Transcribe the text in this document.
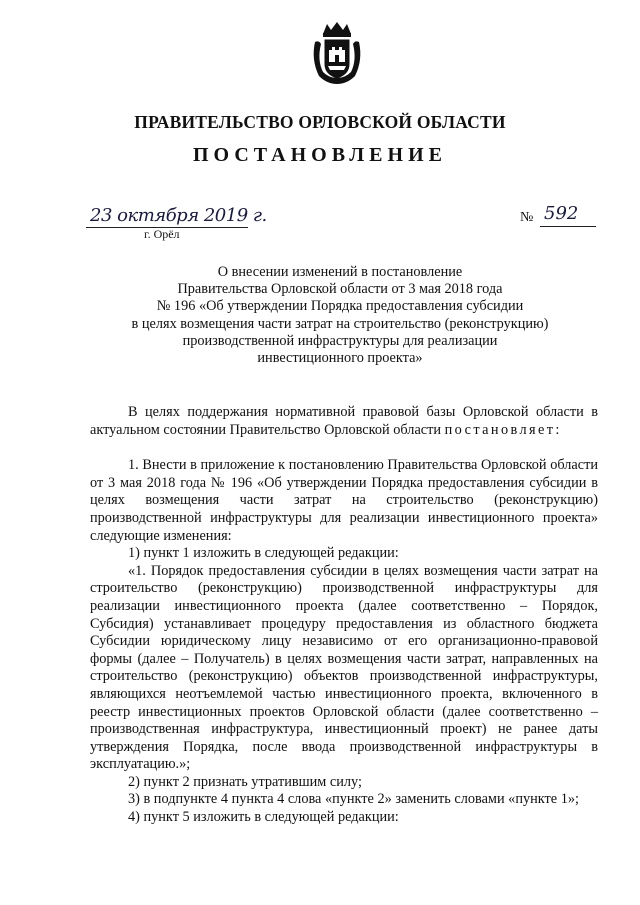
ПРАВИТЕЛЬСТВО ОРЛОВСКОЙ ОБЛАСТИ
ПОСТАНОВЛЕНИЕ
23 октября 2019 г.
г. Орёл
№ 592
О внесении изменений в постановление
Правительства Орловской области от 3 мая 2018 года
№ 196 «Об утверждении Порядка предоставления субсидии
в целях возмещения части затрат на строительство (реконструкцию)
производственной инфраструктуры для реализации
инвестиционного проекта»

В целях поддержания нормативной правовой базы Орловской области в актуальном состоянии Правительство Орловской области постановляет:

1. Внести в приложение к постановлению Правительства Орловской области от 3 мая 2018 года № 196 «Об утверждении Порядка предоставления субсидии в целях возмещения части затрат на строительство (реконструкцию) производственной инфраструктуры для реализации инвестиционного проекта» следующие изменения:

1) пункт 1 изложить в следующей редакции:

«1. Порядок предоставления субсидии в целях возмещения части затрат на строительство (реконструкцию) производственной инфраструктуры для реализации инвестиционного проекта (далее соответственно – Порядок, Субсидия) устанавливает процедуру предоставления из областного бюджета Субсидии юридическому лицу независимо от его организационно-правовой формы (далее – Получатель) в целях возмещения части затрат, направленных на строительство (реконструкцию) объектов производственной инфраструктуры, являющихся неотъемлемой частью инвестиционного проекта, включенного в реестр инвестиционных проектов Орловской области (далее соответственно – производственная инфраструктура, инвестиционный проект) не ранее даты утверждения Порядка, после ввода производственной инфраструктуры в эксплуатацию.»;

2) пункт 2 признать утратившим силу;

3) в подпункте 4 пункта 4 слова «пункте 2» заменить словами «пункте 1»;

4) пункт 5 изложить в следующей редакции:
